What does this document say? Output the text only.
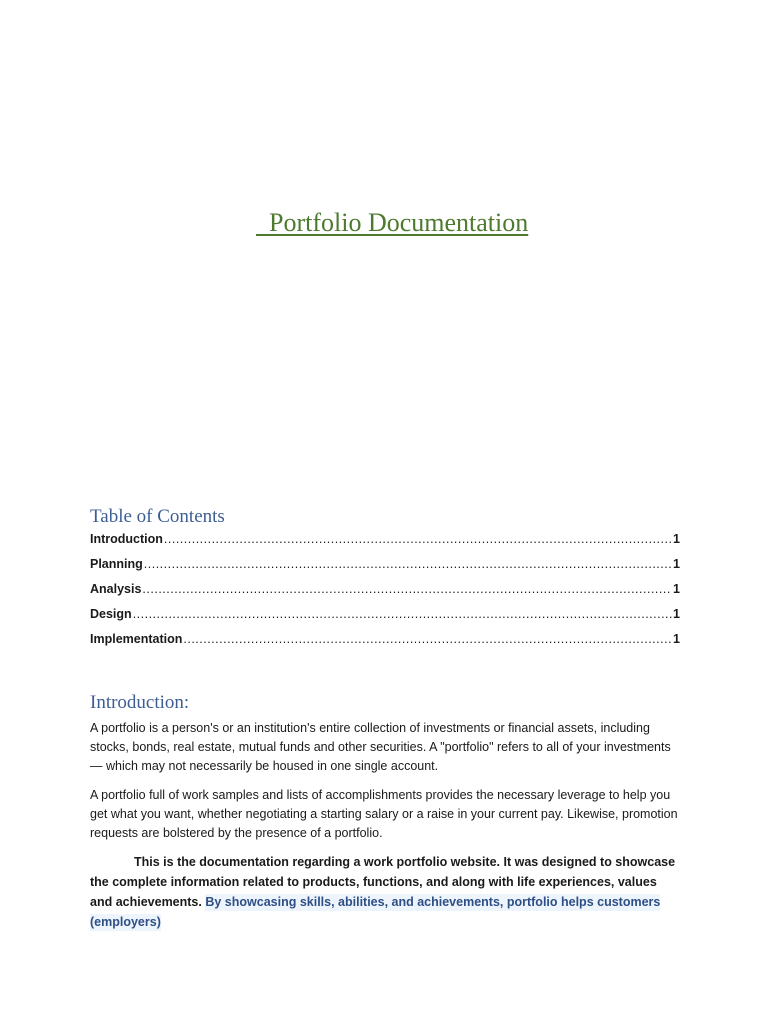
Portfolio Documentation
Table of Contents
Introduction .....	1
Planning .....	1
Analysis .....	1
Design .....	1
Implementation .....	1
Introduction:

A portfolio is a person's or an institution's entire collection of investments or financial assets, including stocks, bonds, real estate, mutual funds and other securities. A "portfolio" refers to all of your investments — which may not necessarily be housed in one single account.

A portfolio full of work samples and lists of accomplishments provides the necessary leverage to help you get what you want, whether negotiating a starting salary or a raise in your current pay. Likewise, promotion requests are bolstered by the presence of a portfolio.

This is the documentation regarding a work portfolio website. It was designed to showcase the complete information related to products, functions, and along with life experiences, values and achievements. By showcasing skills, abilities, and achievements, portfolio helps customers (employers)
